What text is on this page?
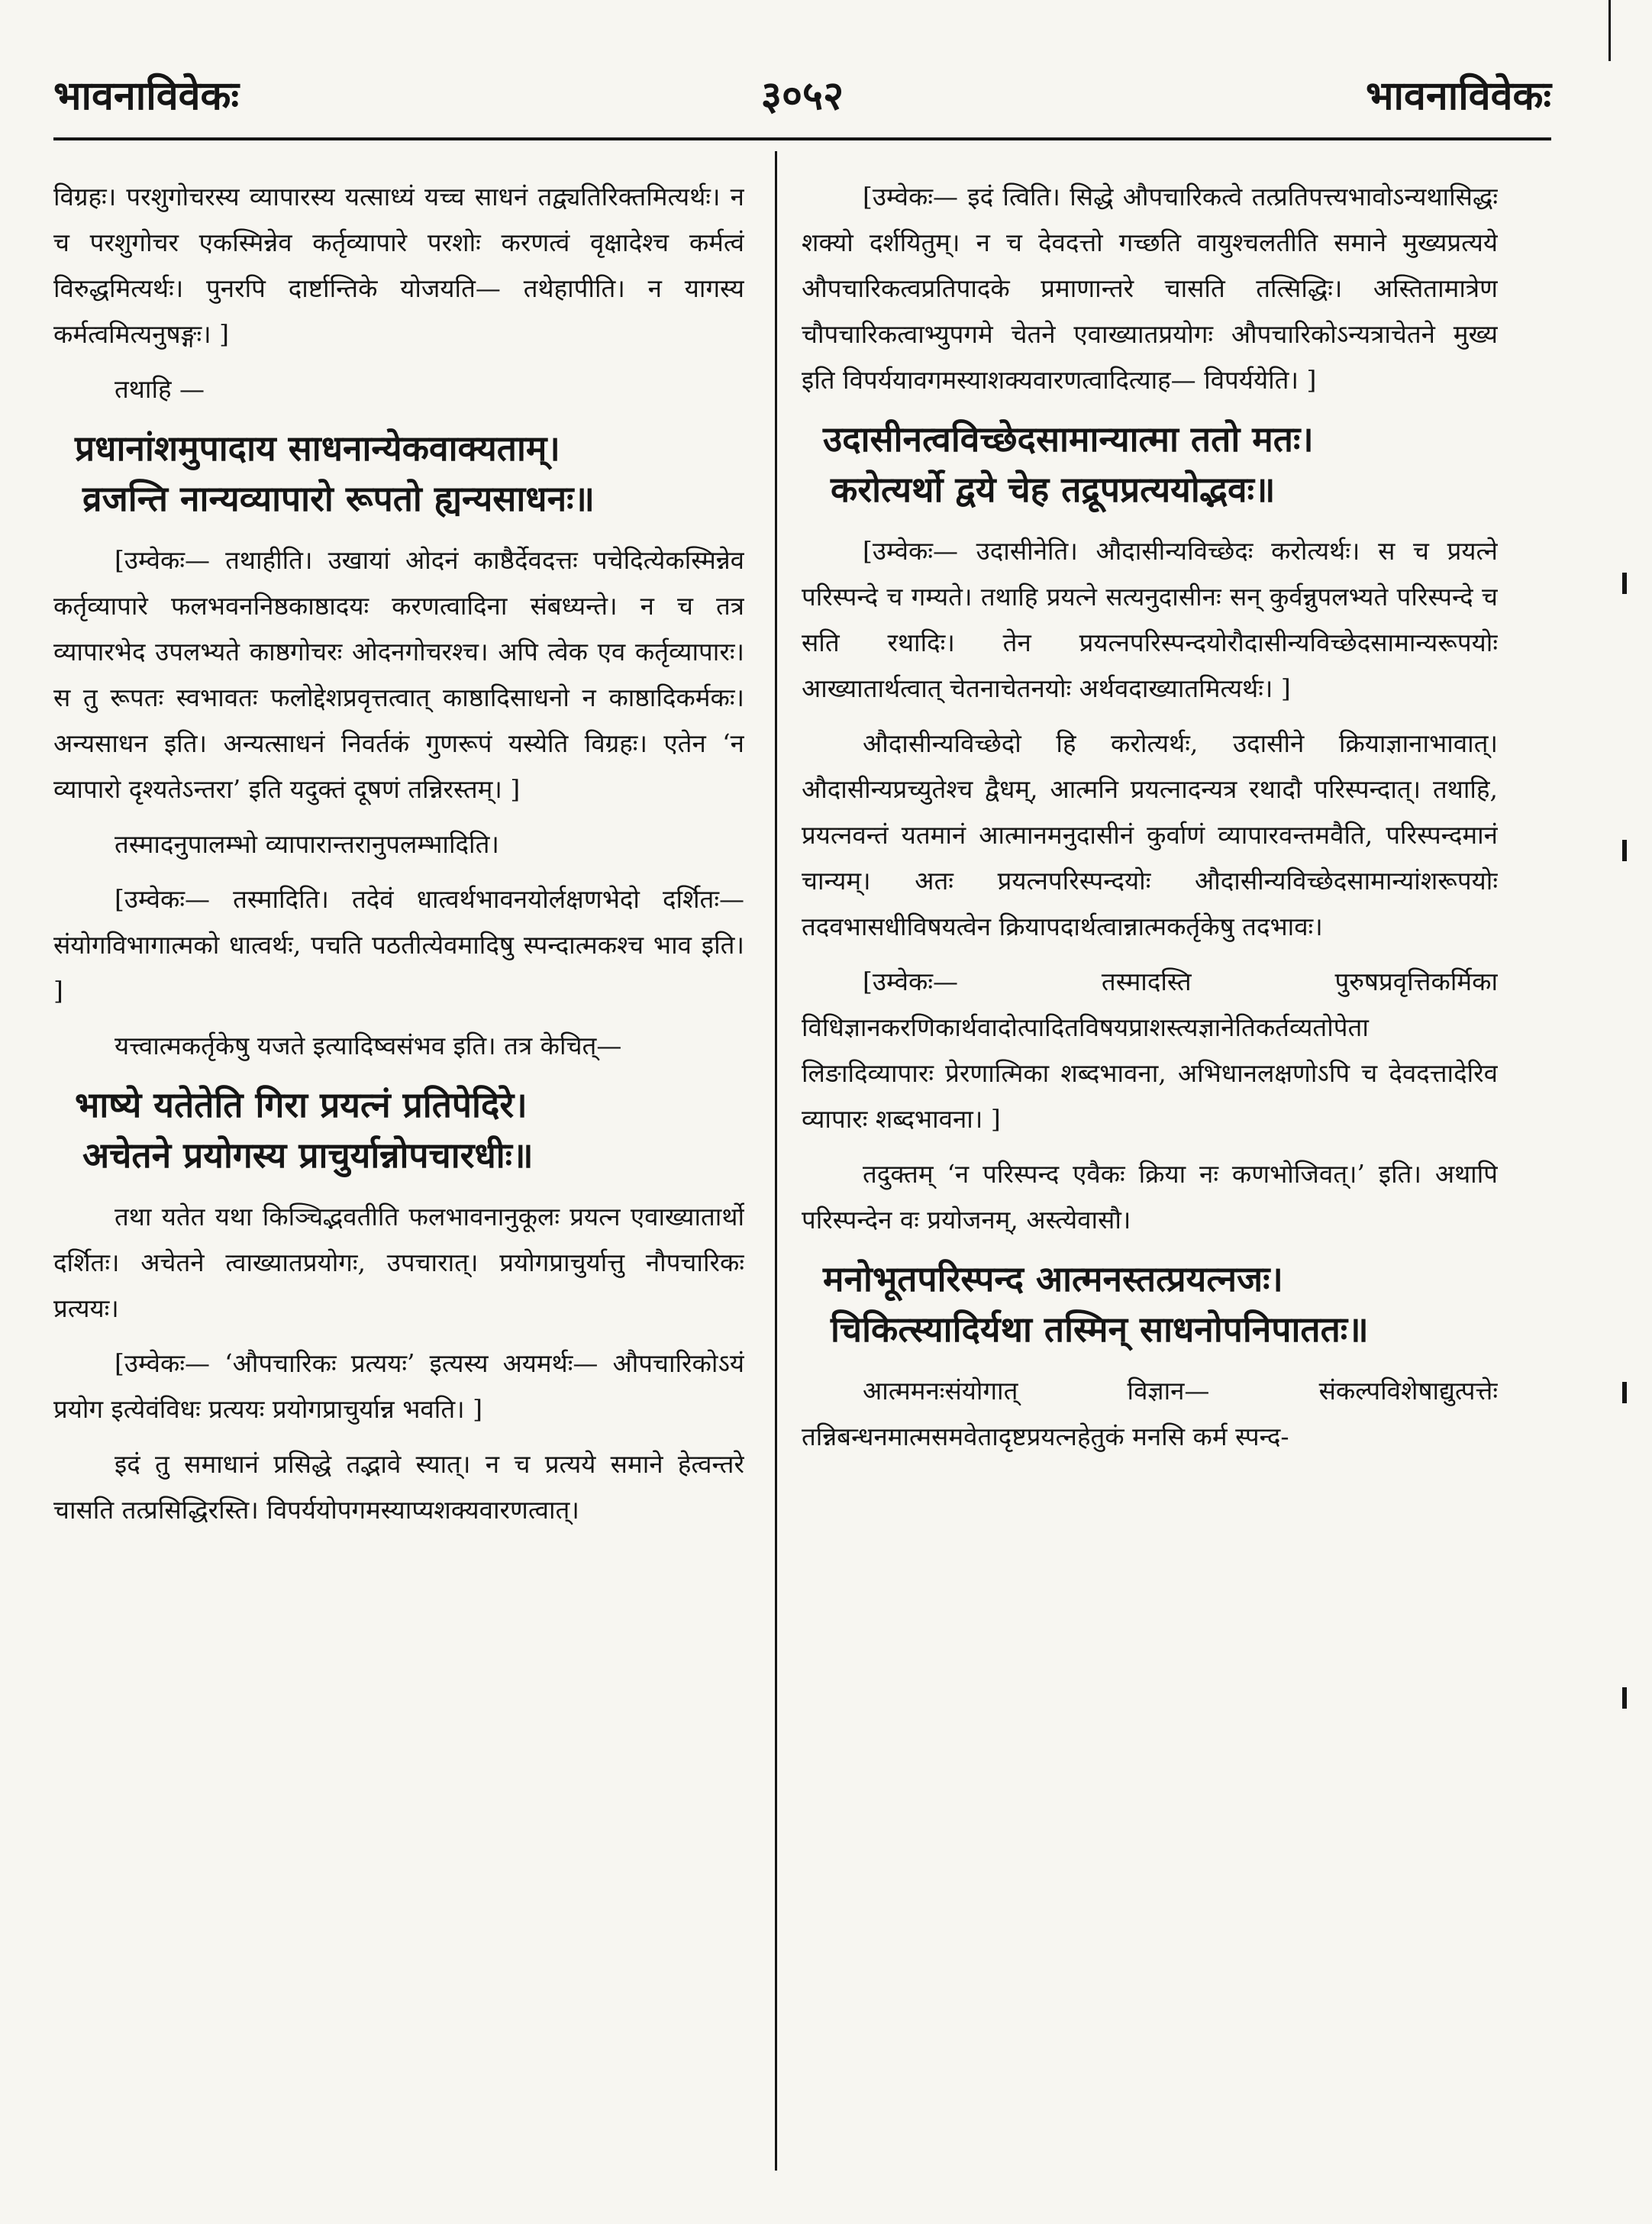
भावनाविवेकः	३०५२	भावनाविवेकः

विग्रहः। परशुगोचरस्य व्यापारस्य यत्साध्यं यच्च साधनं तद्व्यतिरिक्तमित्यर्थः। न च परशुगोचर एकस्मिन्नेव कर्तृव्यापारे परशोः करणत्वं वृक्षादेश्च कर्मत्वं विरुद्धमित्यर्थः। पुनरपि दार्ष्टान्तिके योजयति— तथेहापीति। न यागस्य कर्मत्वमित्यनुषङ्गः। ]

तथाहि —

प्रधानांशमुपादाय साधनान्येकवाक्यताम्।
व्रजन्ति नान्यव्यापारो रूपतो ह्यन्यसाधनः॥

[उम्वेकः— तथाहीति। उखायां ओदनं काष्ठैर्देवदत्तः पचेदित्येकस्मिन्नेव कर्तृव्यापारे फलभवननिष्ठकाष्ठादयः करणत्वादिना संबध्यन्ते। न च तत्र व्यापारभेद उपलभ्यते काष्ठगोचरः ओदनगोचरश्च। अपि त्वेक एव कर्तृव्यापारः। स तु रूपतः स्वभावतः फलोद्देशप्रवृत्तत्वात् काष्ठादिसाधनो न काष्ठादिकर्मकः। अन्यसाधन इति। अन्यत्साधनं निवर्तकं गुणरूपं यस्येति विग्रहः। एतेन ‘न व्यापारो दृश्यतेऽन्तरा’ इति यदुक्तं दूषणं तन्निरस्तम्। ]

तस्मादनुपालम्भो व्यापारान्तरानुपलम्भादिति।

[उम्वेकः— तस्मादिति। तदेवं धात्वर्थभावनयोर्लक्षणभेदो दर्शितः— संयोगविभागात्मको धात्वर्थः, पचति पठतीत्येवमादिषु स्पन्दात्मकश्च भाव इति। ]

यत्त्वात्मकर्तृकेषु यजते इत्यादिष्वसंभव इति। तत्र केचित्—

भाष्ये यतेतेति गिरा प्रयत्नं प्रतिपेदिरे।
अचेतने प्रयोगस्य प्राचुर्यान्नोपचारधीः॥

तथा यतेत यथा किञ्चिद्भवतीति फलभावनानुकूलः प्रयत्न एवाख्यातार्थो दर्शितः। अचेतने त्वाख्यातप्रयोगः, उपचारात्। प्रयोगप्राचुर्यात्तु नौपचारिकः प्रत्ययः।

[उम्वेकः— ‘औपचारिकः प्रत्ययः’ इत्यस्य अयमर्थः— औपचारिकोऽयं प्रयोग इत्येवंविधः प्रत्ययः प्रयोगप्राचुर्यान्न भवति। ]

इदं तु समाधानं प्रसिद्धे तद्भावे स्यात्। न च प्रत्यये समाने हेत्वन्तरे चासति तत्प्रसिद्धिरस्ति। विपर्ययोपगमस्याप्यशक्यवारणत्वात्।

[उम्वेकः— इदं त्विति। सिद्धे औपचारिकत्वे तत्प्रतिपत्त्यभावोऽन्यथासिद्धः शक्यो दर्शयितुम्। न च देवदत्तो गच्छति वायुश्चलतीति समाने मुख्यप्रत्यये औपचारिकत्वप्रतिपादके प्रमाणान्तरे चासति तत्सिद्धिः। अस्तितामात्रेण चौपचारिकत्वाभ्युपगमे चेतने एवाख्यातप्रयोगः औपचारिकोऽन्यत्राचेतने मुख्य इति विपर्ययावगमस्याशक्यवारणत्वादित्याह— विपर्ययेति। ]

उदासीनत्वविच्छेदसामान्यात्मा ततो मतः।
करोत्यर्थो द्वये चेह तद्रूपप्रत्ययोद्भवः॥

[उम्वेकः— उदासीनेति। औदासीन्यविच्छेदः करोत्यर्थः। स च प्रयत्ने परिस्पन्दे च गम्यते। तथाहि प्रयत्ने सत्यनुदासीनः सन् कुर्वन्नुपलभ्यते परिस्पन्दे च सति रथादिः। तेन प्रयत्नपरिस्पन्दयोरौदासीन्यविच्छेदसामान्यरूपयोः आख्यातार्थत्वात् चेतनाचेतनयोः अर्थवदाख्यातमित्यर्थः। ]

औदासीन्यविच्छेदो हि करोत्यर्थः, उदासीने क्रियाज्ञानाभावात्। औदासीन्यप्रच्युतेश्च द्वैधम्, आत्मनि प्रयत्नादन्यत्र रथादौ परिस्पन्दात्। तथाहि, प्रयत्नवन्तं यतमानं आत्मानमनुदासीनं कुर्वाणं व्यापारवन्तमवैति, परिस्पन्दमानं चान्यम्। अतः प्रयत्नपरिस्पन्दयोः औदासीन्यविच्छेदसामान्यांशरूपयोः तदवभासधीविषयत्वेन क्रियापदार्थत्वान्नात्मकर्तृकेषु तदभावः।

[उम्वेकः— तस्मादस्ति पुरुषप्रवृत्तिकर्मिका विधिज्ञानकरणिकार्थवादोत्पादितविषयप्राशस्त्यज्ञानेतिकर्तव्यतोपेता लिङादिव्यापारः प्रेरणात्मिका शब्दभावना, अभिधानलक्षणोऽपि च देवदत्तादेरिव व्यापारः शब्दभावना। ]

तदुक्तम् ‘न परिस्पन्द एवैकः क्रिया नः कणभोजिवत्।’ इति। अथापि परिस्पन्देन वः प्रयोजनम्, अस्त्येवासौ।

मनोभूतपरिस्पन्द आत्मनस्तत्प्रयत्नजः।
चिकित्स्यादिर्यथा तस्मिन् साधनोपनिपाततः॥

आत्ममनःसंयोगात् विज्ञान— संकल्पविशेषाद्युत्पत्तेः तन्निबन्धनमात्मसमवेतादृष्टप्रयत्नहेतुकं मनसि कर्म स्पन्द-
